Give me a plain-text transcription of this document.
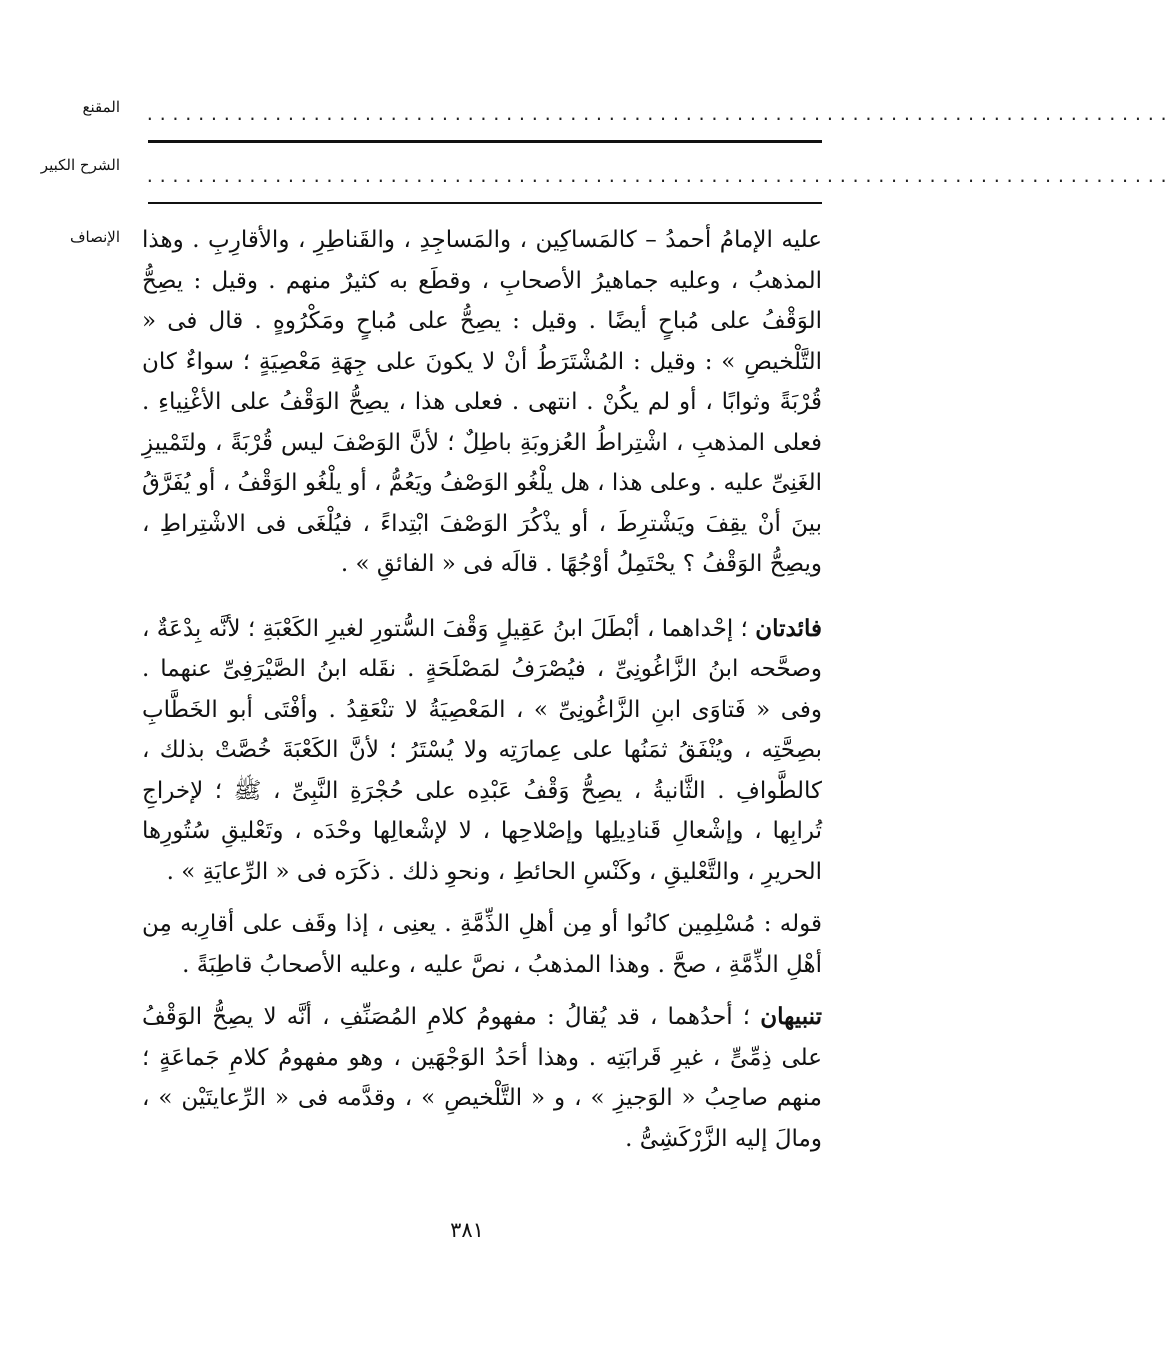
المقنع ................................................................................
الشرح الكبير
................................................................................
الإنصاف عليه الإمامُ أحمدُ – كالمَساكِين ، والمَساجِدِ ، والقَناطِرِ ، والأقارِبِ . وهذا المذهبُ ، وعليه جماهيرُ الأصحابِ ، وقطَع به كثيرٌ منهم . وقيل : يصِحُّ الوَقْفُ على مُباحٍ أيضًا . وقيل : يصِحُّ على مُباحٍ ومَكْرُوهٍ . قال فى « التَّلْخيصِ » : وقيل : المُشْتَرَطُ أنْ لا يكونَ على جِهَةِ مَعْصِيَةٍ ؛ سواءٌ كان قُرْبَةً وثوابًا ، أو لم يكُنْ . انتهى . فعلى هذا ، يصِحُّ الوَقْفُ على الأغْنِياءِ . فعلى المذهبِ ، اشْتِراطُ العُزوبَةِ باطِلٌ ؛ لأنَّ الوَصْفَ ليس قُرْبَةً ، ولتَمْييزِ الغَنِىِّ عليه . وعلى هذا ، هل يلْغُو الوَصْفُ ويَعُمُّ ، أو يلْغُو الوَقْفُ ، أو يُفَرَّقُ بينَ أنْ يقِفَ ويَشْترِطَ ، أو يذْكُرَ الوَصْفَ ابْتِداءً ، فيُلْغَى فى الاشْتِراطِ ، ويصِحُّ الوَقْفُ ؟ يحْتَمِلُ أوْجُهًا . قالَه فى « الفائقِ » .

فائدتان ؛ إحْداهما ، أبْطَلَ ابنُ عَقِيلٍ وَقْفَ السُّتورِ لغيرِ الكَعْبَةِ ؛ لأنَّه بِدْعَةٌ ، وصحَّحه ابنُ الزَّاغُونِىِّ ، فيُصْرَفُ لمَصْلَحَةٍ . نقَله ابنُ الصَّيْرَفِىِّ عنهما . وفى « فَتاوَى ابنِ الزَّاغُونِىِّ » ، المَعْصِيَةُ لا تنْعَقِدُ . وأفْتَى أبو الخَطَّابِ بصِحَّتِه ، ويُنْفَقُ ثمَنُها على عِمارَتِه ولا يُسْتَرُ ؛ لأنَّ الكَعْبَةَ خُصَّتْ بذلك ، كالطَّوافِ . الثَّانيةُ ، يصِحُّ وَقْفُ عَبْدِه على حُجْرَةِ النَّبِىِّ ، ﷺ ؛ لإخراجِ تُرابِها ، وإشْعالِ قَنادِيلِها وإصْلاحِها ، لا لإشْعالِها وحْدَه ، وتَعْليقِ سُتُورِها الحريرِ ، والتَّعْليقِ ، وكَنْسِ الحائطِ ، ونحوِ ذلك . ذكَرَه فى « الرِّعايَةِ » .

قوله : مُسْلِمِين كانُوا أو مِن أهلِ الذِّمَّةِ . يعنِى ، إذا وقَف على أقارِبه مِن أهْلِ الذِّمَّةِ ، صحَّ . وهذا المذهبُ ، نصَّ عليه ، وعليه الأصحابُ قاطِبَةً .

تنبيهان ؛ أحدُهما ، قد يُقالُ : مفهومُ كلامِ المُصَنِّفِ ، أنَّه لا يصِحُّ الوَقْفُ على ذِمِّىٍّ ، غيرِ قَرابَتِه . وهذا أحَدُ الوَجْهَين ، وهو مفهومُ كلامِ جَماعَةٍ ؛ منهم صاحِبُ « الوَجيزِ » ، و « التَّلْخيصِ » ، وقدَّمه فى « الرِّعايتَيْن » ، ومالَ إليه الزَّرْكَشِىُّ .

٣٨١
